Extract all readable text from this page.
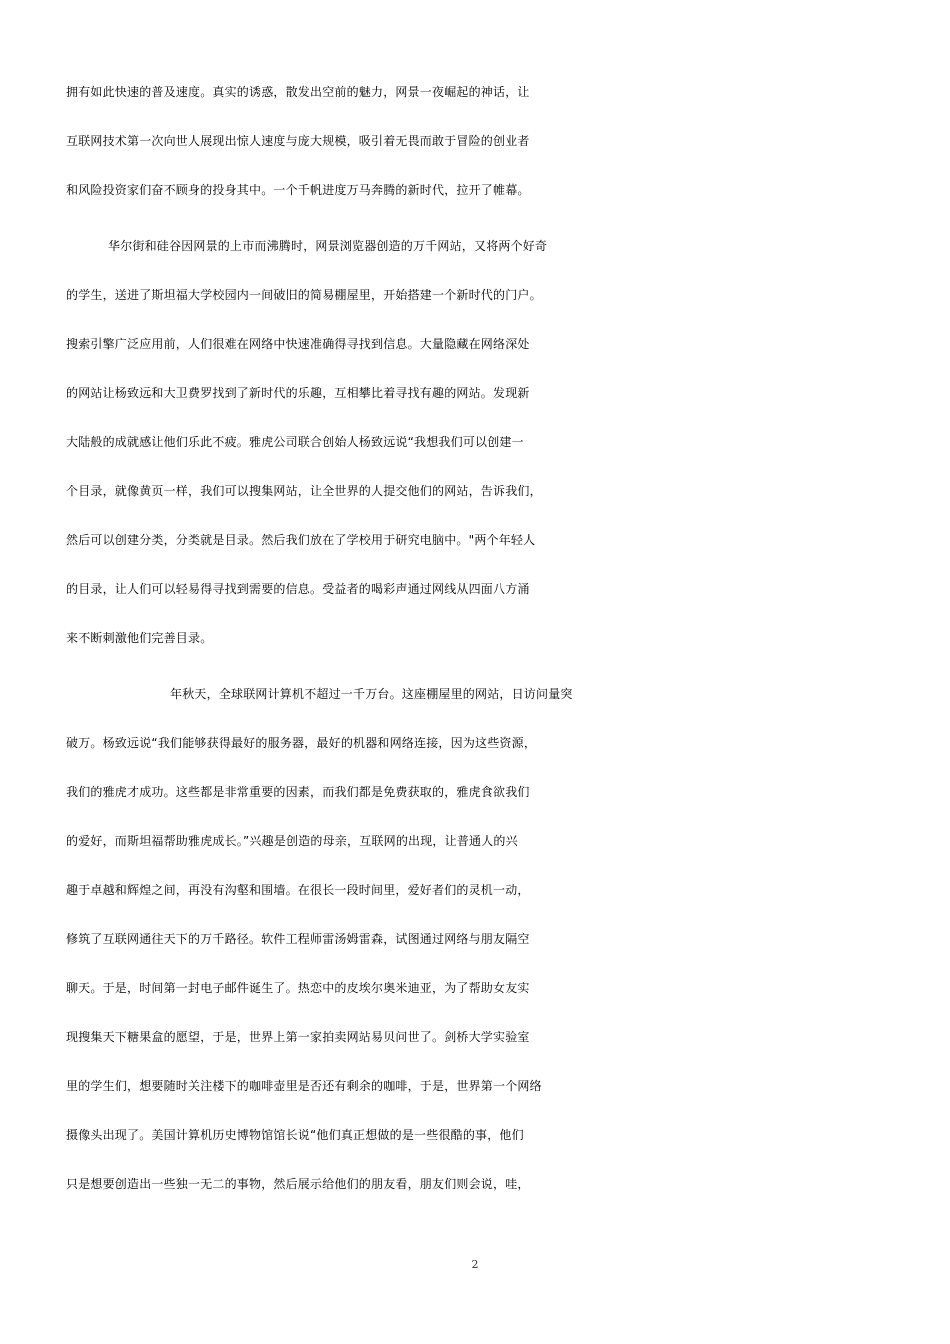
拥有如此快速的普及速度。真实的诱惑，散发出空前的魅力，网景一夜崛起的神话，让
互联网技术第一次向世人展现出惊人速度与庞大规模，吸引着无畏而敢于冒险的创业者
和风险投资家们奋不顾身的投身其中。一个千帆进度万马奔腾的新时代，拉开了帷幕。
华尔街和硅谷因网景的上市而沸腾时，网景浏览器创造的万千网站，又将两个好奇
的学生，送进了斯坦福大学校园内一间破旧的简易棚屋里，开始搭建一个新时代的门户。
搜索引擎广泛应用前，人们很难在网络中快速准确得寻找到信息。大量隐藏在网络深处
的网站让杨致远和大卫费罗找到了新时代的乐趣，互相攀比着寻找有趣的网站。发现新
大陆般的成就感让他们乐此不疲。雅虎公司联合创始人杨致远说“我想我们可以创建一
个目录，就像黄页一样，我们可以搜集网站，让全世界的人提交他们的网站，告诉我们，
然后可以创建分类，分类就是目录。然后我们放在了学校用于研究电脑中。"两个年轻人
的目录，让人们可以轻易得寻找到需要的信息。受益者的喝彩声通过网线从四面八方涌
来不断刺激他们完善目录。
年秋天，全球联网计算机不超过一千万台。这座棚屋里的网站，日访问量突
破万。杨致远说“我们能够获得最好的服务器，最好的机器和网络连接，因为这些资源，
我们的雅虎才成功。这些都是非常重要的因素，而我们都是免费获取的，雅虎食欲我们
的爱好，而斯坦福帮助雅虎成长。”兴趣是创造的母亲，互联网的出现，让普通人的兴
趣于卓越和辉煌之间，再没有沟壑和围墙。在很长一段时间里，爱好者们的灵机一动，
修筑了互联网通往天下的万千路径。软件工程师雷汤姆雷森，试图通过网络与朋友隔空
聊天。于是，时间第一封电子邮件诞生了。热恋中的皮埃尔奥米迪亚，为了帮助女友实
现搜集天下糖果盒的愿望，于是，世界上第一家拍卖网站易贝问世了。剑桥大学实验室
里的学生们，想要随时关注楼下的咖啡壶里是否还有剩余的咖啡，于是，世界第一个网络
摄像头出现了。美国计算机历史博物馆馆长说“他们真正想做的是一些很酷的事，他们
只是想要创造出一些独一无二的事物，然后展示给他们的朋友看，朋友们则会说，哇，
2
